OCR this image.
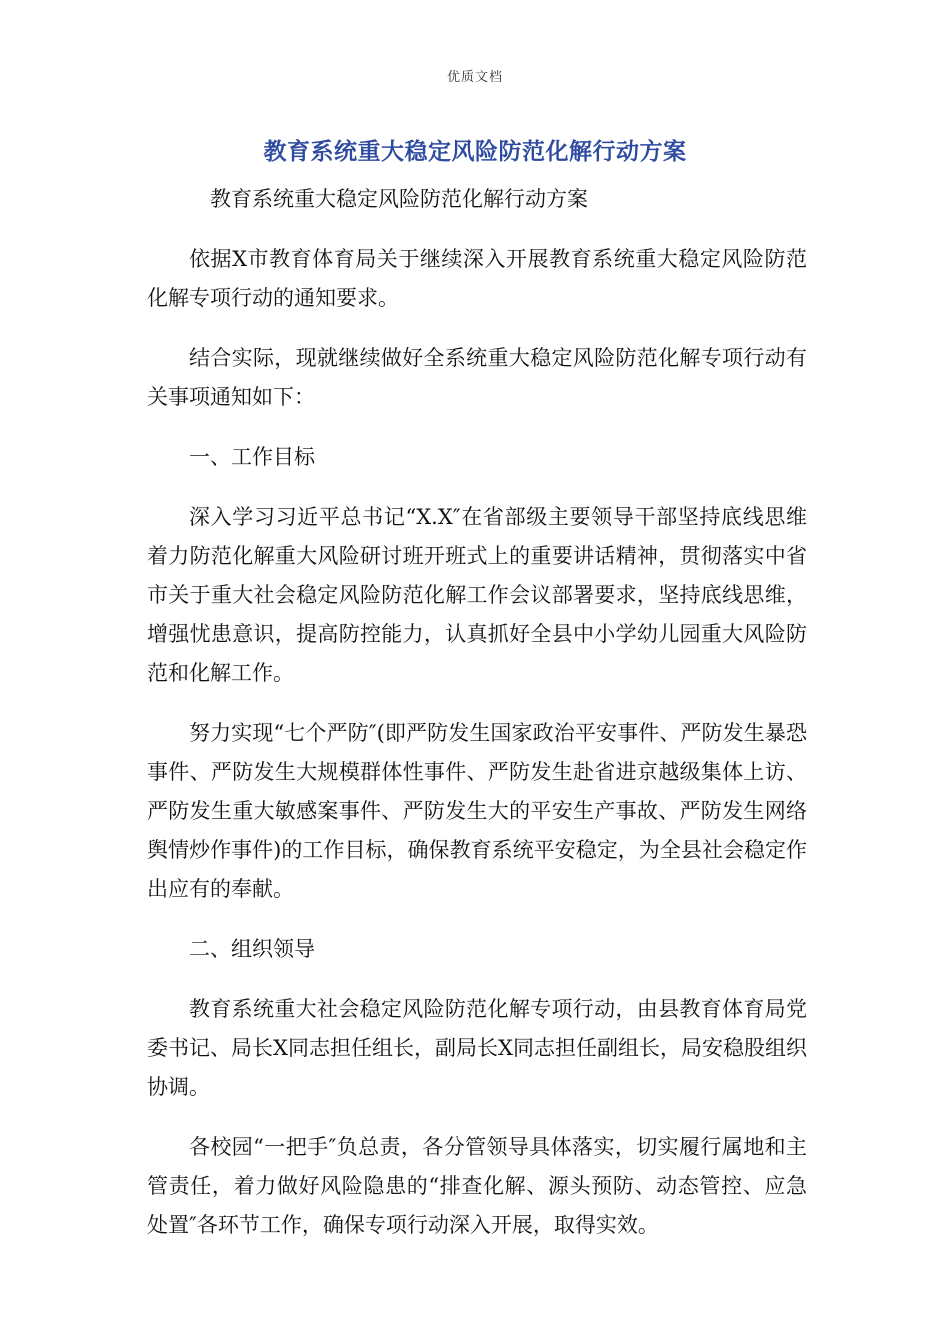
优质文档
教育系统重大稳定风险防范化解行动方案

教育系统重大稳定风险防范化解行动方案

依据X市教育体育局关于继续深入开展教育系统重大稳定风险防范化解专项行动的通知要求。

结合实际，现就继续做好全系统重大稳定风险防范化解专项行动有关事项通知如下：

一、工作目标

深入学习习近平总书记“X.X″在省部级主要领导干部坚持底线思维着力防范化解重大风险研讨班开班式上的重要讲话精神，贯彻落实中省市关于重大社会稳定风险防范化解工作会议部署要求，坚持底线思维，增强忧患意识，提高防控能力，认真抓好全县中小学幼儿园重大风险防范和化解工作。

努力实现“七个严防″(即严防发生国家政治平安事件、严防发生暴恐事件、严防发生大规模群体性事件、严防发生赴省进京越级集体上访、严防发生重大敏感案事件、严防发生大的平安生产事故、严防发生网络舆情炒作事件)的工作目标，确保教育系统平安稳定，为全县社会稳定作出应有的奉献。

二、组织领导

教育系统重大社会稳定风险防范化解专项行动，由县教育体育局党委书记、局长X同志担任组长，副局长X同志担任副组长，局安稳股组织协调。

各校园“一把手″负总责，各分管领导具体落实，切实履行属地和主管责任，着力做好风险隐患的“排查化解、源头预防、动态管控、应急处置″各环节工作，确保专项行动深入开展，取得实效。
